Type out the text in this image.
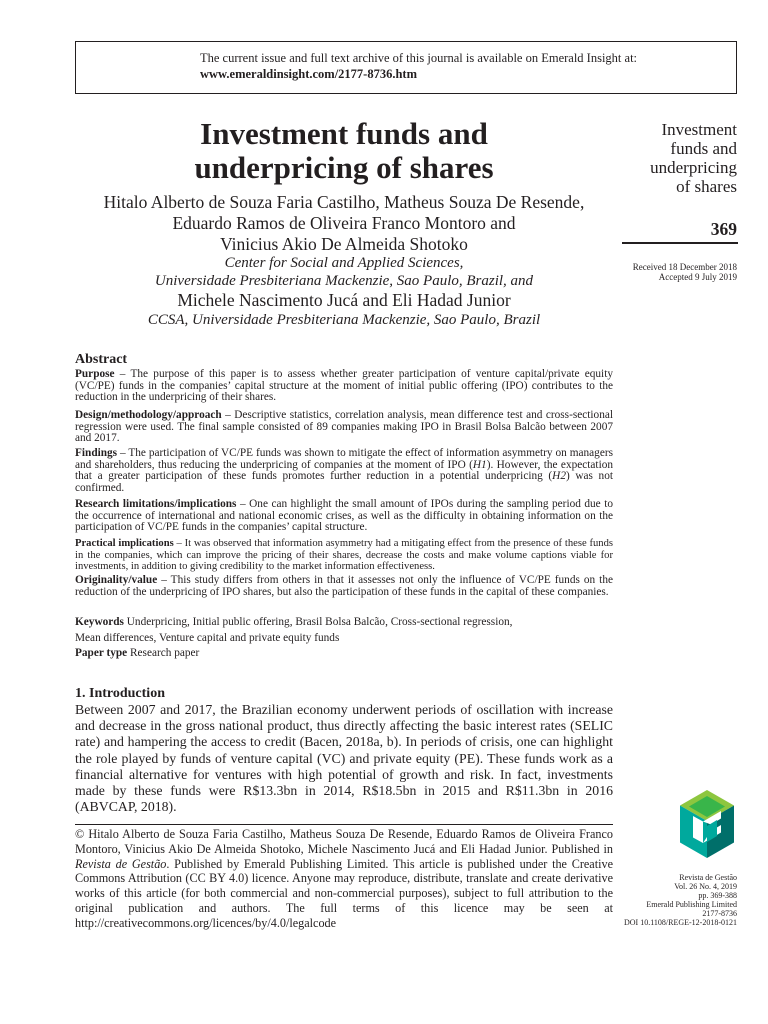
The current issue and full text archive of this journal is available on Emerald Insight at:
www.emeraldinsight.com/2177-8736.htm
Investment funds and
underpricing of shares
Hitalo Alberto de Souza Faria Castilho, Matheus Souza De Resende,
Eduardo Ramos de Oliveira Franco Montoro and
Vinicius Akio De Almeida Shotoko
Center for Social and Applied Sciences,
Universidade Presbiteriana Mackenzie, Sao Paulo, Brazil, and
Michele Nascimento Jucá and Eli Hadad Junior
CCSA, Universidade Presbiteriana Mackenzie, Sao Paulo, Brazil
Investment
funds and
underpricing
of shares
369
Received 18 December 2018
Accepted 9 July 2019
Abstract
Purpose – The purpose of this paper is to assess whether greater participation of venture capital/private equity (VC/PE) funds in the companies’ capital structure at the moment of initial public offering (IPO) contributes to the reduction in the underpricing of their shares.
Design/methodology/approach – Descriptive statistics, correlation analysis, mean difference test and cross-sectional regression were used. The final sample consisted of 89 companies making IPO in Brasil Bolsa Balcão between 2007 and 2017.
Findings – The participation of VC/PE funds was shown to mitigate the effect of information asymmetry on managers and shareholders, thus reducing the underpricing of companies at the moment of IPO (H1). However, the expectation that a greater participation of these funds promotes further reduction in a potential underpricing (H2) was not confirmed.
Research limitations/implications – One can highlight the small amount of IPOs during the sampling period due to the occurrence of international and national economic crises, as well as the difficulty in obtaining information on the participation of VC/PE funds in the companies’ capital structure.
Practical implications – It was observed that information asymmetry had a mitigating effect from the presence of these funds in the companies, which can improve the pricing of their shares, decrease the costs and make volume captions viable for investments, in addition to giving credibility to the market information effectiveness.
Originality/value – This study differs from others in that it assesses not only the influence of VC/PE funds on the reduction of the underpricing of IPO shares, but also the participation of these funds in the capital of these companies.
Keywords Underpricing, Initial public offering, Brasil Bolsa Balcão, Cross-sectional regression,
Mean differences, Venture capital and private equity funds
Paper type Research paper
1. Introduction
Between 2007 and 2017, the Brazilian economy underwent periods of oscillation with increase and decrease in the gross national product, thus directly affecting the basic interest rates (SELIC rate) and hampering the access to credit (Bacen, 2018a, b). In periods of crisis, one can highlight the role played by funds of venture capital (VC) and private equity (PE). These funds work as a financial alternative for ventures with high potential of growth and risk. In fact, investments made by these funds were R$13.3bn in 2014, R$18.5bn in 2015 and R$11.3bn in 2016 (ABVCAP, 2018).
© Hitalo Alberto de Souza Faria Castilho, Matheus Souza De Resende, Eduardo Ramos de Oliveira Franco Montoro, Vinicius Akio De Almeida Shotoko, Michele Nascimento Jucá and Eli Hadad Junior. Published in Revista de Gestão. Published by Emerald Publishing Limited. This article is published under the Creative Commons Attribution (CC BY 4.0) licence. Anyone may reproduce, distribute, translate and create derivative works of this article (for both commercial and non-commercial purposes), subject to full attribution to the original publication and authors. The full terms of this licence may be seen at http://creativecommons.org/licences/by/4.0/legalcode
Revista de Gestão
Vol. 26 No. 4, 2019
pp. 369-388
Emerald Publishing Limited
2177-8736
DOI 10.1108/REGE-12-2018-0121
